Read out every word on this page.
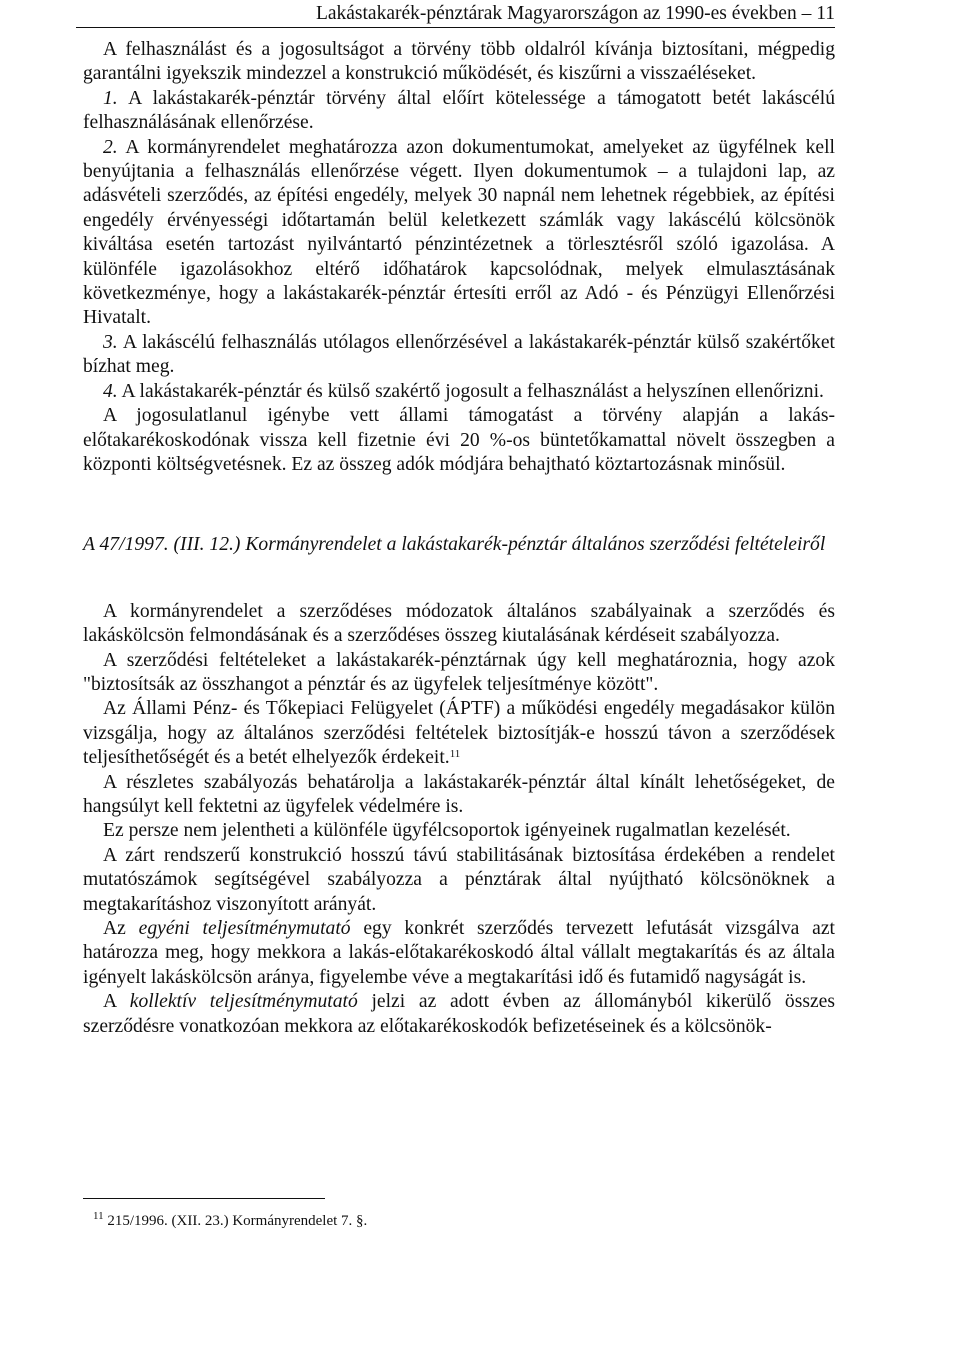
Lakástakarék-pénztárak Magyarországon az 1990-es években – 11

A felhasználást és a jogosultságot a törvény több oldalról kívánja biztosítani, mégpedig garantálni igyekszik mindezzel a konstrukció működését, és kiszűrni a visszaéléseket.

1. A lakástakarék-pénztár törvény által előírt kötelessége a támogatott betét lakáscélú felhasználásának ellenőrzése.

2. A kormányrendelet meghatározza azon dokumentumokat, amelyeket az ügyfélnek kell benyújtania a felhasználás ellenőrzése végett. Ilyen dokumentumok – a tulajdoni lap, az adásvételi szerződés, az építési engedély, melyek 30 napnál nem lehetnek régebbiek, az építési engedély érvényességi időtartamán belül keletkezett számlák vagy lakáscélú kölcsönök kiváltása esetén tartozást nyilvántartó pénzintézetnek a törlesztésről szóló igazolása. A különféle igazolásokhoz eltérő időhatárok kapcsolódnak, melyek elmulasztásának következménye, hogy a lakástakarék-pénztár értesíti erről az Adó - és Pénzügyi Ellenőrzési Hivatalt.

3. A lakáscélú felhasználás utólagos ellenőrzésével a lakástakarék-pénztár külső szakértőket bízhat meg.

4. A lakástakarék-pénztár és külső szakértő jogosult a felhasználást a helyszínen ellenőrizni.

A jogosulatlanul igénybe vett állami támogatást a törvény alapján a lakás-előtakarékoskodónak vissza kell fizetnie évi 20 %-os büntetőkamattal növelt összegben a központi költségvetésnek. Ez az összeg adók módjára behajtható köztartozásnak minősül.

A 47/1997. (III. 12.) Kormányrendelet a lakástakarék-pénztár általános szerződési feltételeiről

A kormányrendelet a szerződéses módozatok általános szabályainak a szerződés és lakáskölcsön felmondásának és a szerződéses összeg kiutalásának kérdéseit szabályozza.

A szerződési feltételeket a lakástakarék-pénztárnak úgy kell meghatároznia, hogy azok "biztosítsák az összhangot a pénztár és az ügyfelek teljesítménye között".

Az Állami Pénz- és Tőkepiaci Felügyelet (ÁPTF) a működési engedély megadásakor külön vizsgálja, hogy az általános szerződési feltételek biztosítják-e hosszú távon a szerződések teljesíthetőségét és a betét elhelyezők érdekeit.$^{11}$

A részletes szabályozás behatárolja a lakástakarék-pénztár által kínált lehetőségeket, de hangsúlyt kell fektetni az ügyfelek védelmére is.

Ez persze nem jelentheti a különféle ügyfélcsoportok igényeinek rugalmatlan kezelését.

A zárt rendszerű konstrukció hosszú távú stabilitásának biztosítása érdekében a rendelet mutatószámok segítségével szabályozza a pénztárak által nyújtható kölcsönöknek a megtakarításhoz viszonyított arányát.

Az egyéni teljesítménymutató egy konkrét szerződés tervezett lefutását vizsgálva azt határozza meg, hogy mekkora a lakás-előtakarékoskodó által vállalt megtakarítás és az általa igényelt lakáskölcsön aránya, figyelembe véve a megtakarítási idő és futamidő nagyságát is.

A kollektív teljesítménymutató jelzi az adott évben az állományból kikerülő összes szerződésre vonatkozóan mekkora az előtakarékoskodók befizetéseinek és a kölcsönök-

$^{11}$ 215/1996. (XII. 23.) Kormányrendelet 7. §.
